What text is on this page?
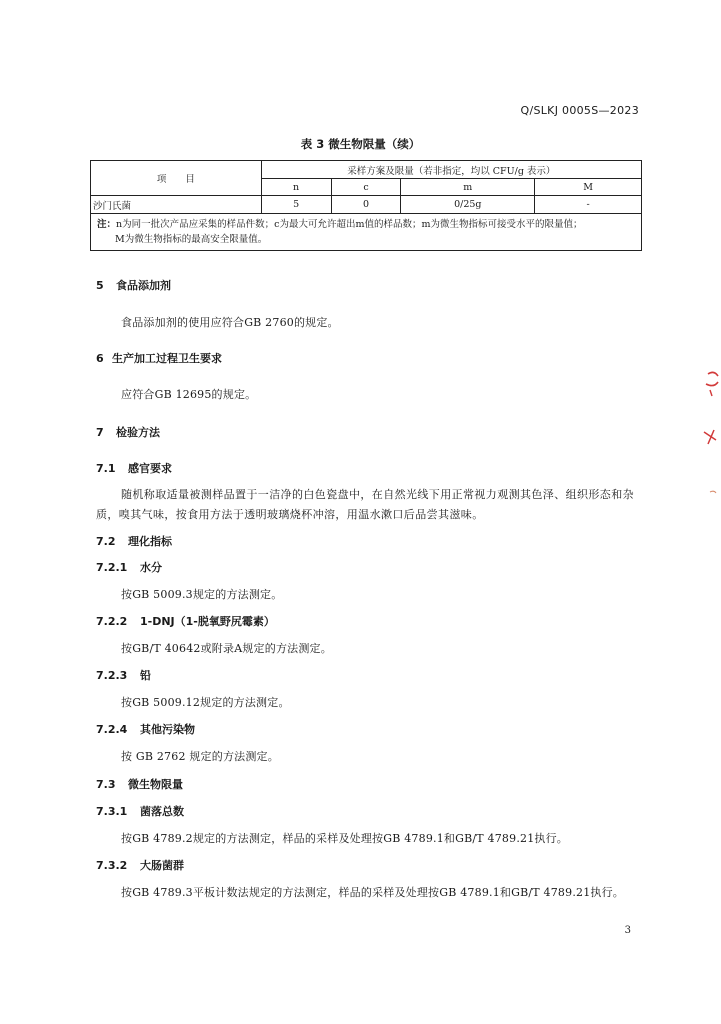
Q/SLKJ 0005S—2023
表 3 微生物限量（续）
项　　目	采样方案及限量（若非指定，均以 CFU/g 表示）			
	n	c	m	M
沙门氏菌	5	0	0/25g	-
注：n为同一批次产品应采集的样品件数；c为最大可允许超出m值的样品数；m为微生物指标可接受水平的限量值；
M为微生物指标的最高安全限量值。				
5 食品添加剂
食品添加剂的使用应符合GB 2760的规定。
6 生产加工过程卫生要求
应符合GB 12695的规定。
7 检验方法
7.1 感官要求
随机称取适量被测样品置于一洁净的白色瓷盘中，在自然光线下用正常视力观测其色泽、组织形态和杂质，嗅其气味，按食用方法于透明玻璃烧杯冲溶，用温水漱口后品尝其滋味。
7.2 理化指标
7.2.1 水分
按GB 5009.3规定的方法测定。
7.2.2 1-DNJ（1-脱氧野尻霉素）
按GB/T 40642或附录A规定的方法测定。
7.2.3 铅
按GB 5009.12规定的方法测定。
7.2.4 其他污染物
按 GB 2762 规定的方法测定。
7.3 微生物限量
7.3.1 菌落总数
按GB 4789.2规定的方法测定，样品的采样及处理按GB 4789.1和GB/T 4789.21执行。
7.3.2 大肠菌群
按GB 4789.3平板计数法规定的方法测定，样品的采样及处理按GB 4789.1和GB/T 4789.21执行。
3
